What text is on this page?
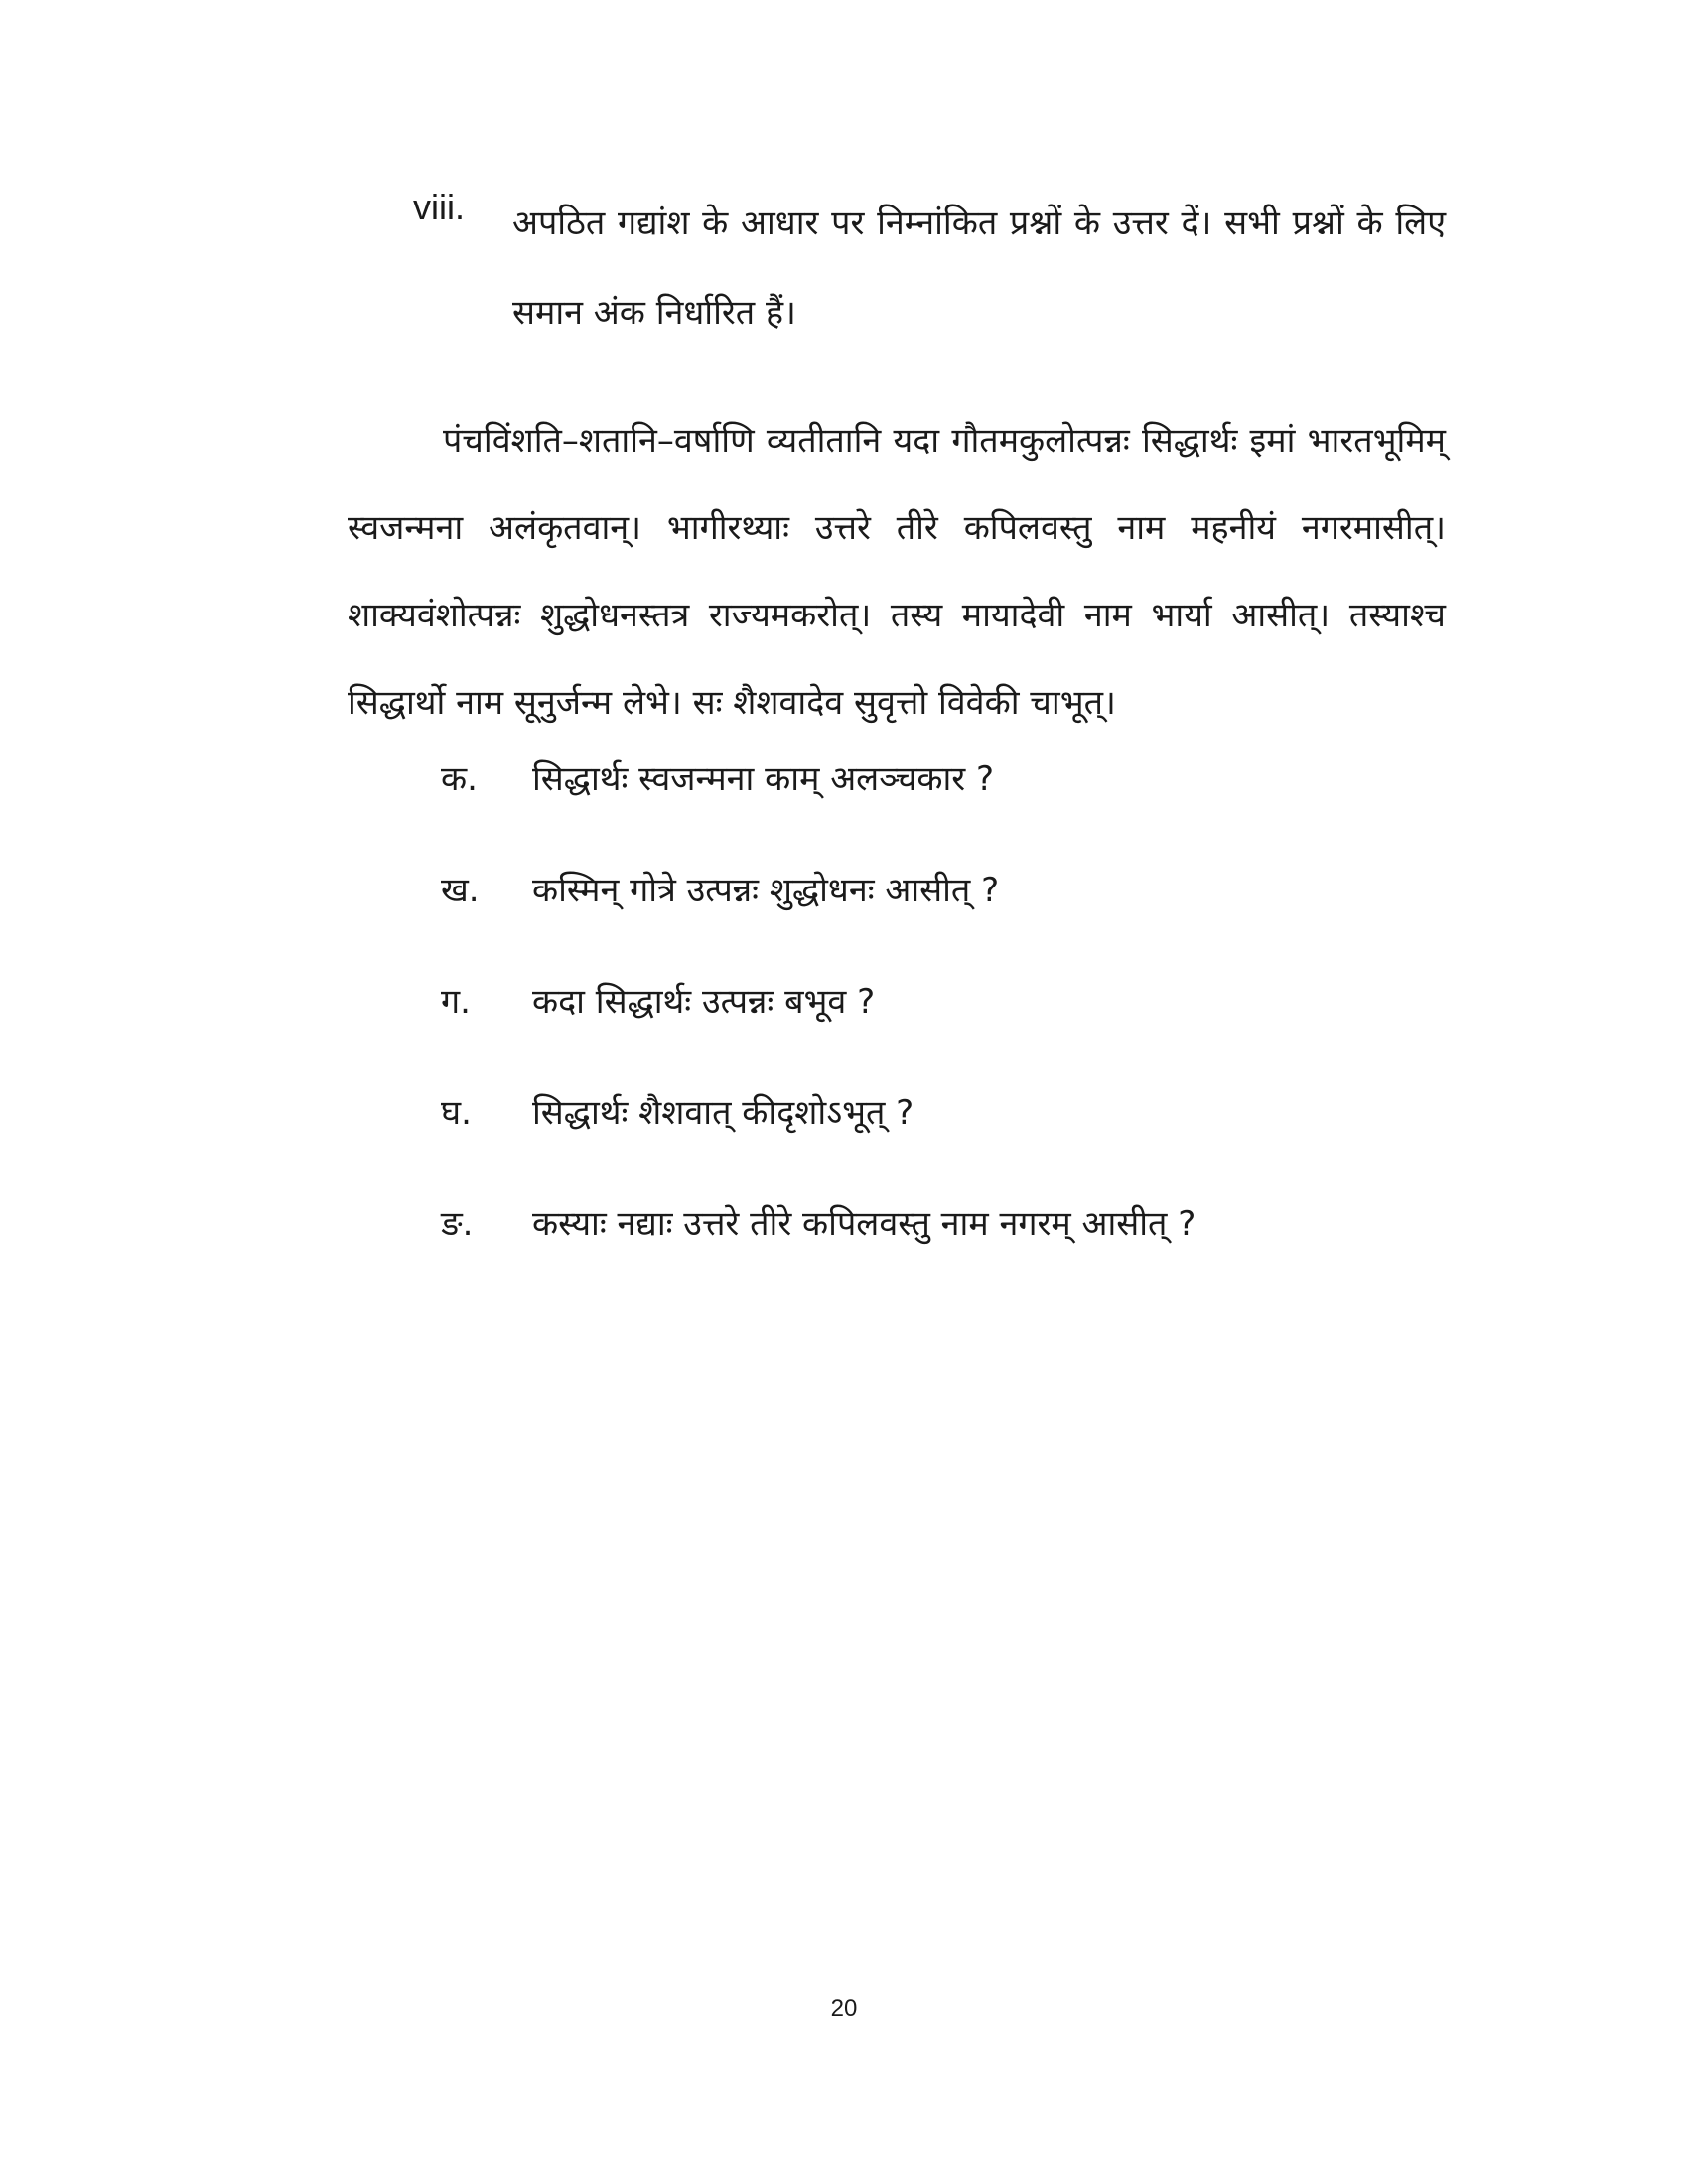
viii. अपठित गद्यांश के आधार पर निम्नांकित प्रश्नों के उत्तर दें। सभी प्रश्नों के लिए समान अंक निर्धारित हैं।

पंचविंशति–शतानि–वर्षाणि व्यतीतानि यदा गौतमकुलोत्पन्नः सिद्धार्थः इमां भारतभूमिम् स्वजन्मना अलंकृतवान्। भागीरथ्याः उत्तरे तीरे कपिलवस्तु नाम महनीयं नगरमासीत्। शाक्यवंशोत्पन्नः शुद्धोधनस्तत्र राज्यमकरोत्। तस्य मायादेवी नाम भार्या आसीत्। तस्याश्च सिद्धार्थो नाम सूनुर्जन्म लेभे। सः शैशवादेव सुवृत्तो विवेकी चाभूत्।

क. सिद्धार्थः स्वजन्मना काम् अलञ्चकार ?
ख. कस्मिन् गोत्रे उत्पन्नः शुद्धोधनः आसीत् ?
ग. कदा सिद्धार्थः उत्पन्नः बभूव ?
घ. सिद्धार्थः शैशवात् कीदृशोऽभूत् ?
ङ. कस्याः नद्याः उत्तरे तीरे कपिलवस्तु नाम नगरम् आसीत् ?
20
